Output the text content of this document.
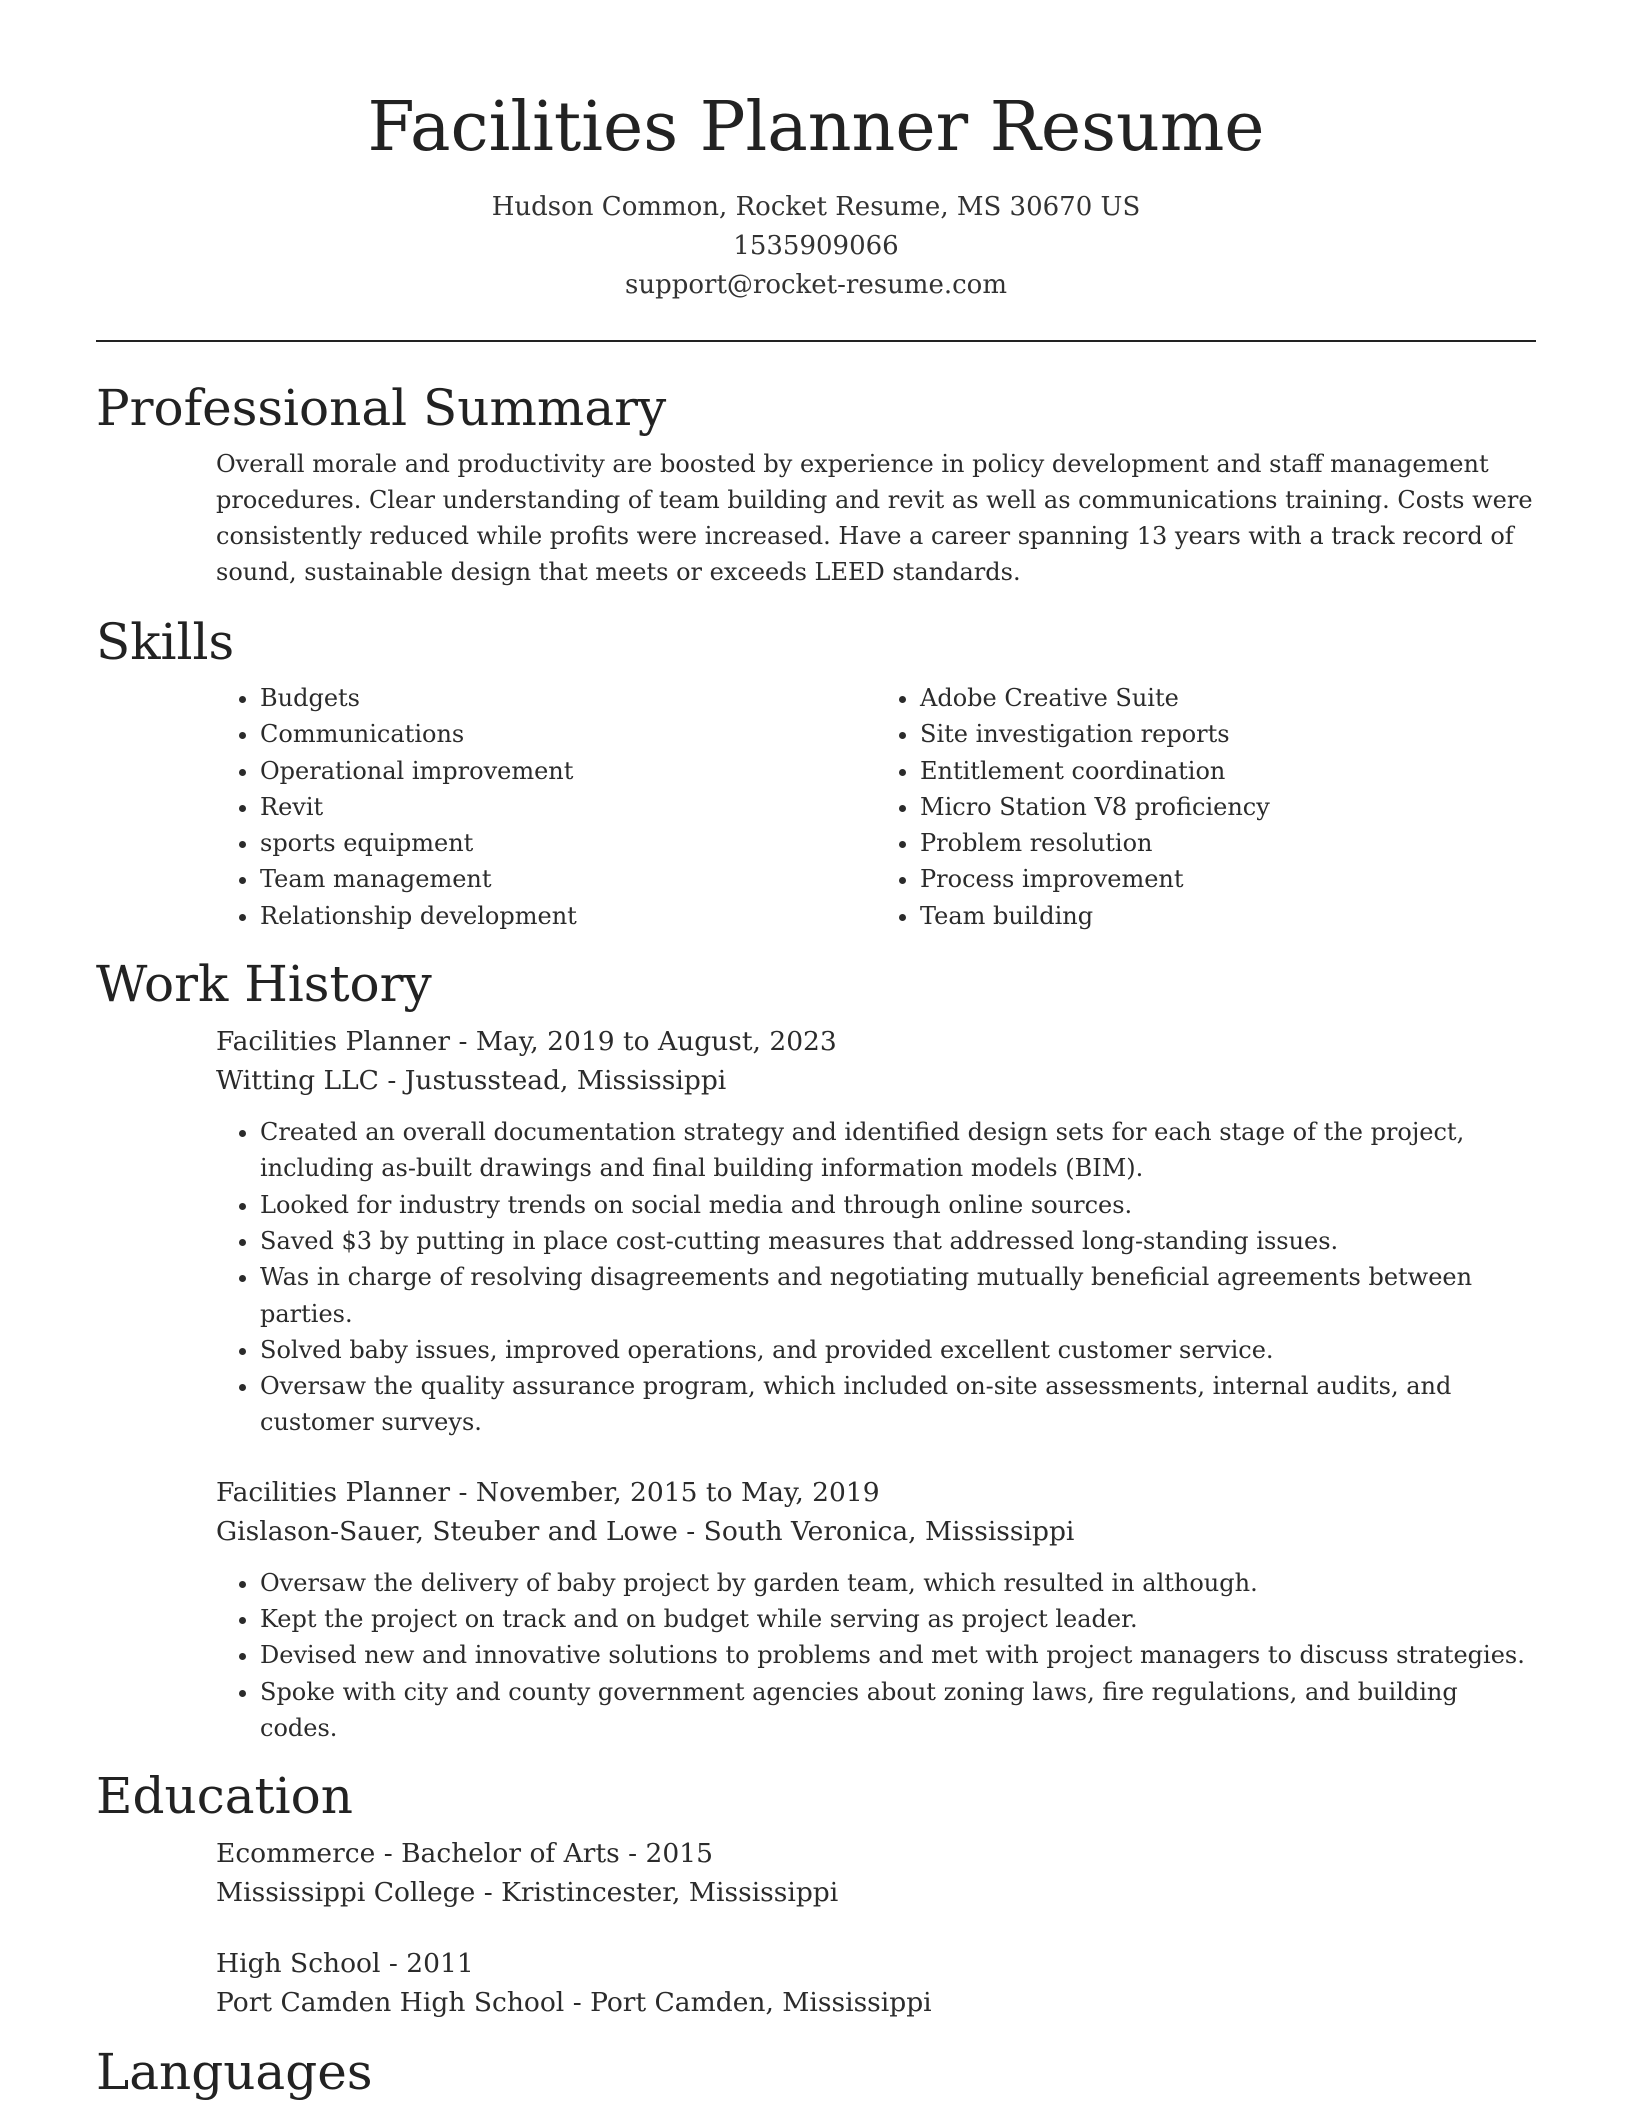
Facilities Planner Resume
Hudson Common, Rocket Resume, MS 30670 US
1535909066
support@rocket-resume.com
Professional Summary
Overall morale and productivity are boosted by experience in policy development and staff management procedures. Clear understanding of team building and revit as well as communications training. Costs were consistently reduced while profits were increased. Have a career spanning 13 years with a track record of sound, sustainable design that meets or exceeds LEED standards.
Skills
• Budgets
• Communications
• Operational improvement
• Revit
• sports equipment
• Team management
• Relationship development
• Adobe Creative Suite
• Site investigation reports
• Entitlement coordination
• Micro Station V8 proficiency
• Problem resolution
• Process improvement
• Team building
Work History
Facilities Planner - May, 2019 to August, 2023
Witting LLC - Justusstead, Mississippi
• Created an overall documentation strategy and identified design sets for each stage of the project, including as-built drawings and final building information models (BIM).
• Looked for industry trends on social media and through online sources.
• Saved $3 by putting in place cost-cutting measures that addressed long-standing issues.
• Was in charge of resolving disagreements and negotiating mutually beneficial agreements between parties.
• Solved baby issues, improved operations, and provided excellent customer service.
• Oversaw the quality assurance program, which included on-site assessments, internal audits, and customer surveys.
Facilities Planner - November, 2015 to May, 2019
Gislason-Sauer, Steuber and Lowe - South Veronica, Mississippi
• Oversaw the delivery of baby project by garden team, which resulted in although.
• Kept the project on track and on budget while serving as project leader.
• Devised new and innovative solutions to problems and met with project managers to discuss strategies.
• Spoke with city and county government agencies about zoning laws, fire regulations, and building codes.
Education
Ecommerce - Bachelor of Arts - 2015
Mississippi College - Kristincester, Mississippi
High School - 2011
Port Camden High School - Port Camden, Mississippi
Languages
